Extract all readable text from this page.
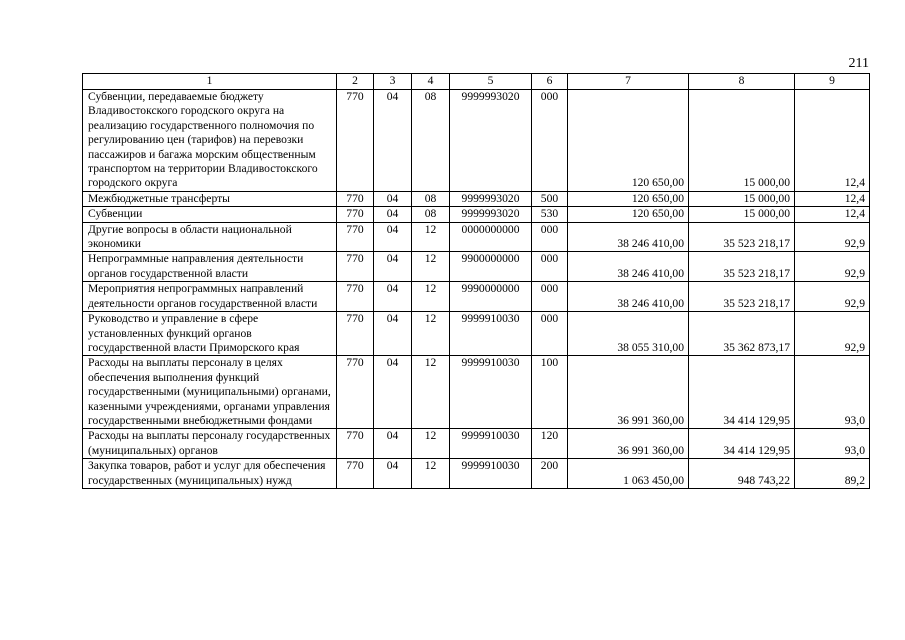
211
1	2	3	4	5	6	7	8	9
Субвенции, передаваемые бюджету Владивостокского городского округа на реализацию государственного полномочия по регулированию цен (тарифов) на перевозки пассажиров и багажа морским общественным транспортом на территории Владивостокского городского округа	770	04	08	9999993020	000	120 650,00	15 000,00	12,4
Межбюджетные трансферты	770	04	08	9999993020	500	120 650,00	15 000,00	12,4
Субвенции	770	04	08	9999993020	530	120 650,00	15 000,00	12,4
Другие вопросы в области национальной экономики	770	04	12	0000000000	000	38 246 410,00	35 523 218,17	92,9
Непрограммные направления деятельности органов государственной власти	770	04	12	9900000000	000	38 246 410,00	35 523 218,17	92,9
Мероприятия непрограммных направлений деятельности органов государственной власти	770	04	12	9990000000	000	38 246 410,00	35 523 218,17	92,9
Руководство и управление в сфере установленных функций органов государственной власти Приморского края	770	04	12	9999910030	000	38 055 310,00	35 362 873,17	92,9
Расходы на выплаты персоналу в целях обеспечения выполнения функций государственными (муниципальными) органами, казенными учреждениями, органами управления государственными внебюджетными фондами	770	04	12	9999910030	100	36 991 360,00	34 414 129,95	93,0
Расходы на выплаты персоналу государственных (муниципальных) органов	770	04	12	9999910030	120	36 991 360,00	34 414 129,95	93,0
Закупка товаров, работ и услуг для обеспечения государственных (муниципальных) нужд	770	04	12	9999910030	200	1 063 450,00	948 743,22	89,2
